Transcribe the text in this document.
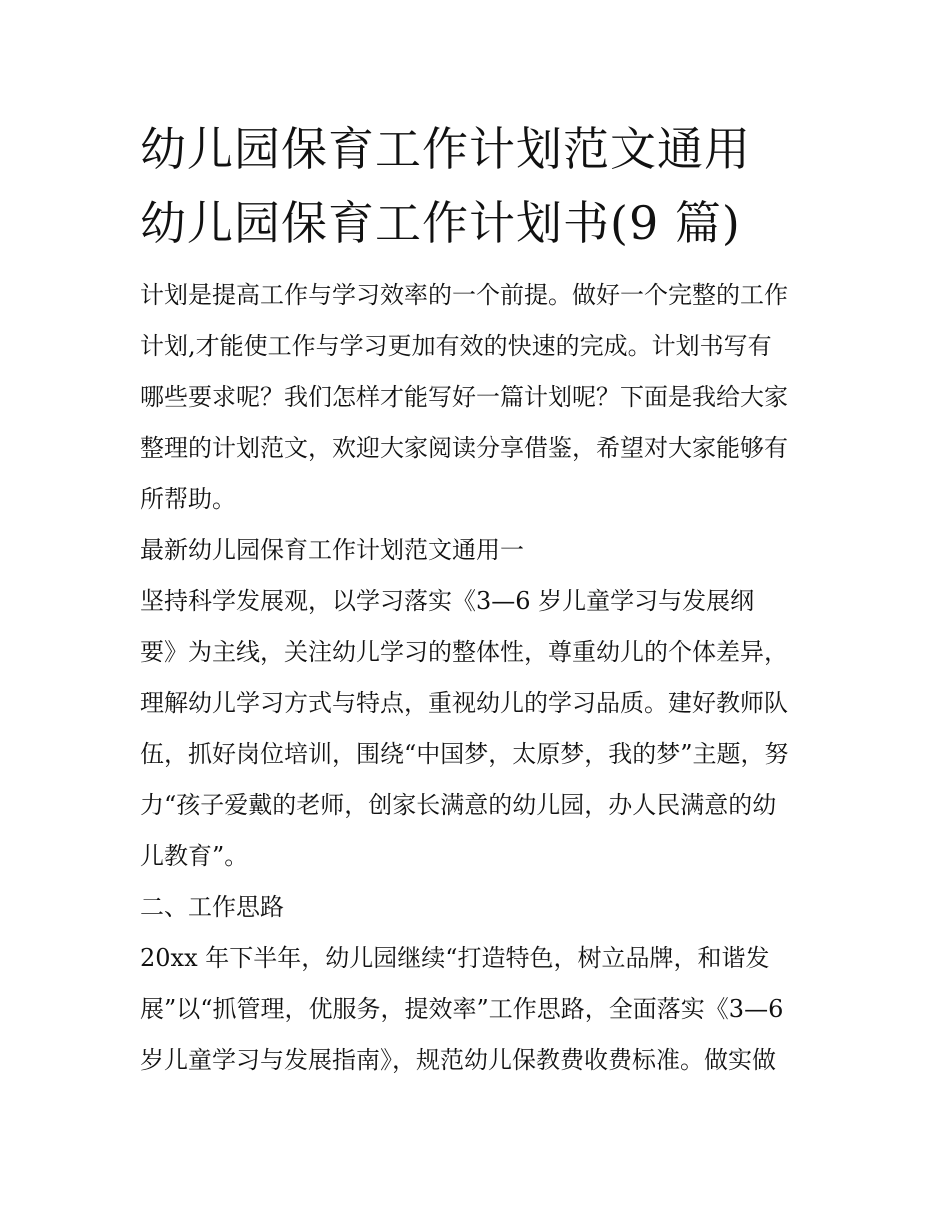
幼儿园保育工作计划范文通用
幼儿园保育工作计划书(9 篇)

计划是提高工作与学习效率的一个前提。做好一个完整的工作
计划,才能使工作与学习更加有效的快速的完成。计划书写有
哪些要求呢？我们怎样才能写好一篇计划呢？下面是我给大家
整理的计划范文，欢迎大家阅读分享借鉴，希望对大家能够有
所帮助。

最新幼儿园保育工作计划范文通用一

坚持科学发展观，以学习落实《3—6 岁儿童学习与发展纲
要》为主线，关注幼儿学习的整体性，尊重幼儿的个体差异，
理解幼儿学习方式与特点，重视幼儿的学习品质。建好教师队
伍，抓好岗位培训，围绕“中国梦，太原梦，我的梦”主题，努
力“孩子爱戴的老师，创家长满意的幼儿园，办人民满意的幼
儿教育”。

二、工作思路

20xx 年下半年，幼儿园继续“打造特色，树立品牌，和谐发
展”以“抓管理，优服务，提效率”工作思路，全面落实《3—6
岁儿童学习与发展指南》，规范幼儿保教费收费标准。做实做
